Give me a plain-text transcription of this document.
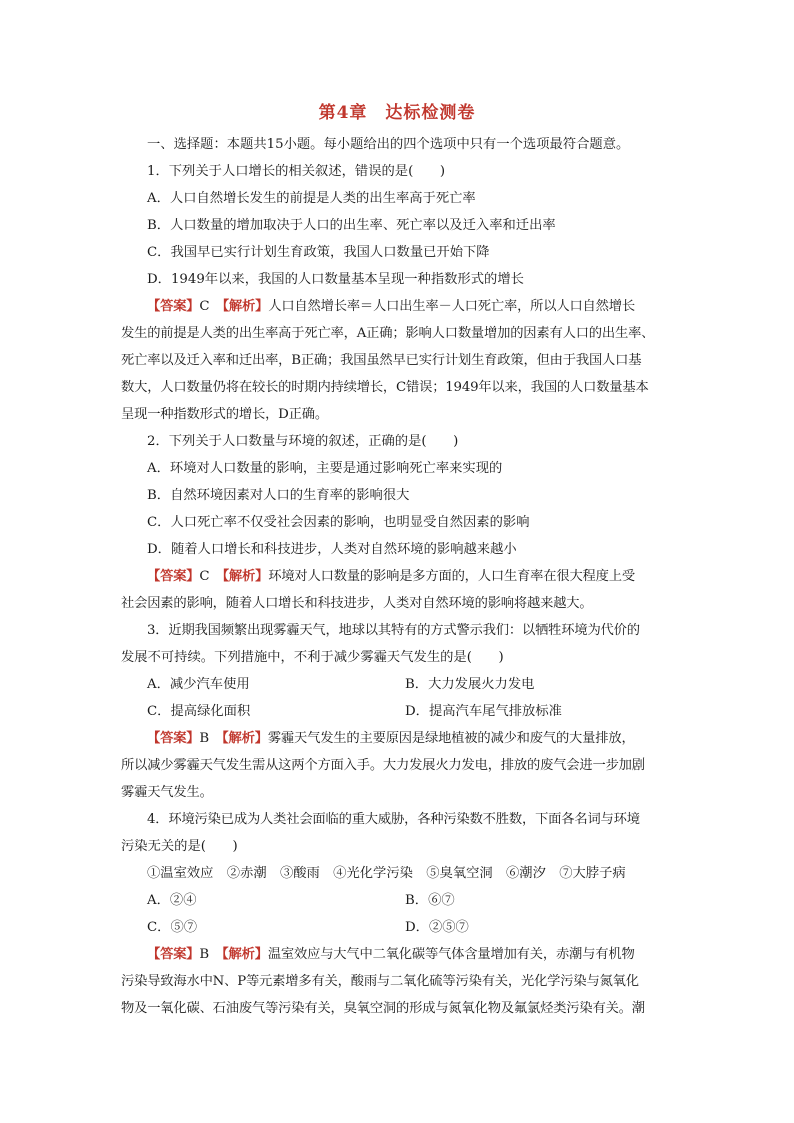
第4章　达标检测卷
一、选择题：本题共15小题。每小题给出的四个选项中只有一个选项最符合题意。
1．下列关于人口增长的相关叙述，错误的是(　　)
A．人口自然增长发生的前提是人类的出生率高于死亡率
B．人口数量的增加取决于人口的出生率、死亡率以及迁入率和迁出率
C．我国早已实行计划生育政策，我国人口数量已开始下降
D．1949年以来，我国的人口数量基本呈现一种指数形式的增长
【答案】C　 【解析】人口自然增长率＝人口出生率－人口死亡率，所以人口自然增长
发生的前提是人类的出生率高于死亡率，A正确；影响人口数量增加的因素有人口的出生率、
死亡率以及迁入率和迁出率，B正确；我国虽然早已实行计划生育政策，但由于我国人口基
数大，人口数量仍将在较长的时期内持续增长，C错误；1949年以来，我国的人口数量基本
呈现一种指数形式的增长，D正确。
2．下列关于人口数量与环境的叙述，正确的是(　　)
A．环境对人口数量的影响，主要是通过影响死亡率来实现的
B．自然环境因素对人口的生育率的影响很大
C．人口死亡率不仅受社会因素的影响，也明显受自然因素的影响
D．随着人口增长和科技进步，人类对自然环境的影响越来越小
【答案】C　 【解析】环境对人口数量的影响是多方面的，人口生育率在很大程度上受
社会因素的影响，随着人口增长和科技进步，人类对自然环境的影响将越来越大。
3．近期我国频繁出现雾霾天气，地球以其特有的方式警示我们：以牺牲环境为代价的
发展不可持续。下列措施中，不利于减少雾霾天气发生的是(　　)
A．减少汽车使用	B．大力发展火力发电
C．提高绿化面积	D．提高汽车尾气排放标准
【答案】B　 【解析】雾霾天气发生的主要原因是绿地植被的减少和废气的大量排放，
所以减少雾霾天气发生需从这两个方面入手。大力发展火力发电，排放的废气会进一步加剧
雾霾天气发生。
4．环境污染已成为人类社会面临的重大威胁，各种污染数不胜数，下面各名词与环境
污染无关的是(　　)
①温室效应　②赤潮　③酸雨　④光化学污染　⑤臭氧空洞　⑥潮汐　⑦大脖子病
A．②④	B．⑥⑦
C．⑤⑦	D．②⑤⑦
【答案】B　 【解析】温室效应与大气中二氧化碳等气体含量增加有关，赤潮与有机物
污染导致海水中N、P等元素增多有关，酸雨与二氧化硫等污染有关，光化学污染与氮氧化
物及一氧化碳、石油废气等污染有关，臭氧空洞的形成与氮氧化物及氟氯烃类污染有关。潮
